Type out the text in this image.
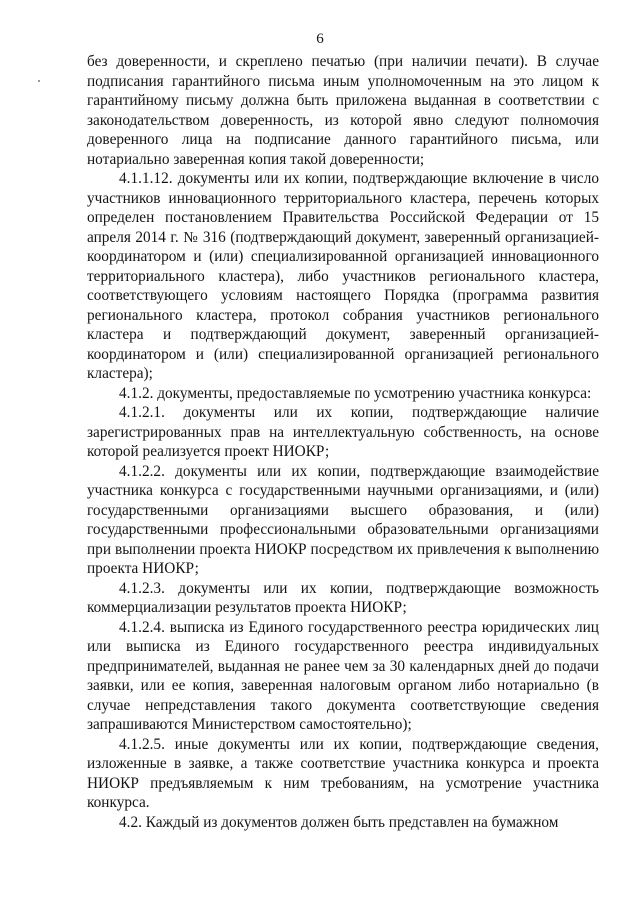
6

без доверенности, и скреплено печатью (при наличии печати). В случае подписания гарантийного письма иным уполномоченным на это лицом к гарантийному письму должна быть приложена выданная в соответствии с законодательством доверенность, из которой явно следуют полномочия доверенного лица на подписание данного гарантийного письма, или нотариально заверенная копия такой доверенности;

4.1.1.12. документы или их копии, подтверждающие включение в число участников инновационного территориального кластера, перечень которых определен постановлением Правительства Российской Федерации от 15 апреля 2014 г. № 316 (подтверждающий документ, заверенный организацией-координатором и (или) специализированной организацией инновационного территориального кластера), либо участников регионального кластера, соответствующего условиям настоящего Порядка (программа развития регионального кластера, протокол собрания участников регионального кластера и подтверждающий документ, заверенный организацией-координатором и (или) специализированной организацией регионального кластера);

4.1.2. документы, предоставляемые по усмотрению участника конкурса:

4.1.2.1. документы или их копии, подтверждающие наличие зарегистрированных прав на интеллектуальную собственность, на основе которой реализуется проект НИОКР;

4.1.2.2. документы или их копии, подтверждающие взаимодействие участника конкурса с государственными научными организациями, и (или) государственными организациями высшего образования, и (или) государственными профессиональными образовательными организациями при выполнении проекта НИОКР посредством их привлечения к выполнению проекта НИОКР;

4.1.2.3. документы или их копии, подтверждающие возможность коммерциализации результатов проекта НИОКР;

4.1.2.4. выписка из Единого государственного реестра юридических лиц или выписка из Единого государственного реестра индивидуальных предпринимателей, выданная не ранее чем за 30 календарных дней до подачи заявки, или ее копия, заверенная налоговым органом либо нотариально (в случае непредставления такого документа соответствующие сведения запрашиваются Министерством самостоятельно);

4.1.2.5. иные документы или их копии, подтверждающие сведения, изложенные в заявке, а также соответствие участника конкурса и проекта НИОКР предъявляемым к ним требованиям, на усмотрение участника конкурса.

4.2. Каждый из документов должен быть представлен на бумажном
